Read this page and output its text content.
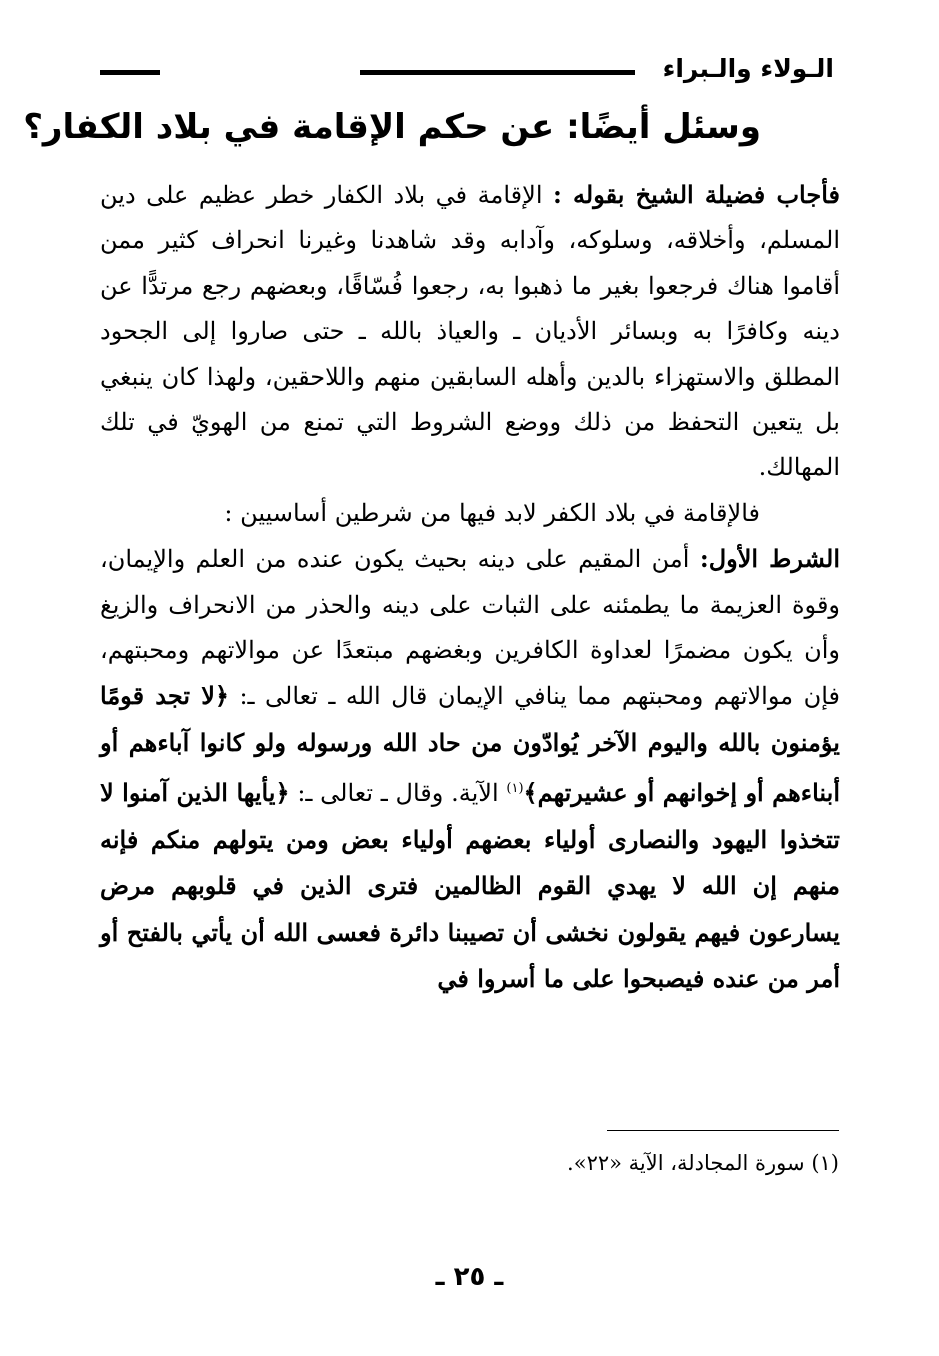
الـولاء والـبراء
وسئل أيضًا: عن حكم الإقامة في بلاد الكفار؟

فأجاب فضيلة الشيخ بقوله : الإقامة في بلاد الكفار خطر عظيم على دين المسلم، وأخلاقه، وسلوكه، وآدابه وقد شاهدنا وغيرنا انحراف كثير ممن أقاموا هناك فرجعوا بغير ما ذهبوا به، رجعوا فُسّاقًا، وبعضهم رجع مرتدًّا عن دينه وكافرًا به وبسائر الأديان ـ والعياذ بالله ـ حتى صاروا إلى الجحود المطلق والاستهزاء بالدين وأهله السابقين منهم واللاحقين، ولهذا كان ينبغي بل يتعين التحفظ من ذلك ووضع الشروط التي تمنع من الهويّ في تلك المهالك.

فالإقامة في بلاد الكفر لابد فيها من شرطين أساسيين :

الشرط الأول: أمن المقيم على دينه بحيث يكون عنده من العلم والإيمان، وقوة العزيمة ما يطمئنه على الثبات على دينه والحذر من الانحراف والزيغ وأن يكون مضمرًا لعداوة الكافرين وبغضهم مبتعدًا عن موالاتهم ومحبتهم، فإن موالاتهم ومحبتهم مما ينافي الإيمان قال الله ـ تعالى ـ: ﴿لا تجد قومًا يؤمنون بالله واليوم الآخر يُوادّون من حاد الله ورسوله ولو كانوا آباءهم أو أبناءهم أو إخوانهم أو عشيرتهم﴾$^{(١)}$ الآية. وقال ـ تعالى ـ: ﴿يأيها الذين آمنوا لا تتخذوا اليهود والنصارى أولياء بعضهم أولياء بعض ومن يتولهم منكم فإنه منهم إن الله لا يهدي القوم الظالمين فترى الذين في قلوبهم مرض يسارعون فيهم يقولون نخشى أن تصيبنا دائرة فعسى الله أن يأتي بالفتح أو أمر من عنده فيصبحوا على ما أسروا في

(١) سورة المجادلة، الآية «٢٢».
ـ ٢٥ ـ
